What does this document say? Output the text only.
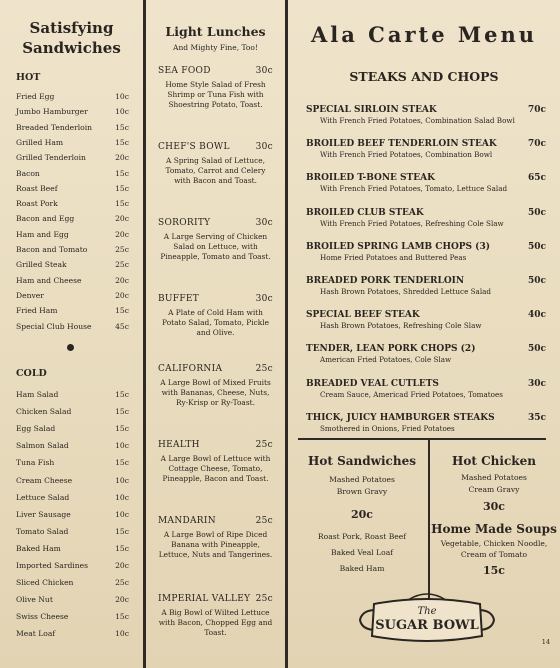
Satisfying
Sandwiches
HOT
Fried Egg	10c
Jumbo Hamburger	10c
Breaded Tenderloin	15c
Grilled Ham	15c
Grilled Tenderloin	20c
Bacon	15c
Roast Beef	15c
Roast Pork	15c
Bacon and Egg	20c
Ham and Egg	20c
Bacon and Tomato	25c
Grilled Steak	25c
Ham and Cheese	20c
Denver	20c
Fried Ham	15c
Special Club House	45c
COLD
Ham Salad	15c
Chicken Salad	15c
Egg Salad	15c
Salmon Salad	10c
Tuna Fish	15c
Cream Cheese	10c
Lettuce Salad	10c
Liver Sausage	10c
Tomato Salad	15c
Baked Ham	15c
Imported Sardines	20c
Sliced Chicken	25c
Olive Nut	20c
Swiss Cheese	15c
Meat Loaf	10c
Light Lunches
And Mighty Fine, Too!
SEA FOOD	30c
Home Style Salad of Fresh Shrimp or Tuna Fish with Shoestring Potato, Toast.
CHEF'S BOWL	30c
A Spring Salad of Lettuce, Tomato, Carrot and Celery with Bacon and Toast.
SORORITY	30c
A Large Serving of Chicken Salad on Lettuce, with Pineapple, Tomato and Toast.
BUFFET	30c
A Plate of Cold Ham with Potato Salad, Tomato, Pickle and Olive.
CALIFORNIA	25c
A Large Bowl of Mixed Fruits with Bananas, Cheese, Nuts, Ry-Krisp or Ry-Toast.
HEALTH	25c
A Large Bowl of Lettuce with Cottage Cheese, Tomato, Pineapple, Bacon and Toast.
MANDARIN	25c
A Large Bowl of Ripe Diced Banana with Pineapple, Lettuce, Nuts and Tangerines.
IMPERIAL VALLEY 25c
A Big Bowl of Wilted Lettuce with Bacon, Chopped Egg and Toast.
Ala Carte Menu
STEAKS AND CHOPS
SPECIAL SIRLOIN STEAK	70c
With French Fried Potatoes, Combination Salad Bowl
BROILED BEEF TENDERLOIN STEAK	70c
With French Fried Potatoes, Combination Bowl
BROILED T-BONE STEAK	65c
With French Fried Potatoes, Tomato, Lettuce Salad
BROILED CLUB STEAK	50c
With French Fried Potatoes, Refreshing Cole Slaw
BROILED SPRING LAMB CHOPS (3)	50c
Home Fried Potatoes and Buttered Peas
BREADED PORK TENDERLOIN	50c
Hash Brown Potatoes, Shredded Lettuce Salad
SPECIAL BEEF STEAK	40c
Hash Brown Potatoes, Refreshing Cole Slaw
TENDER, LEAN PORK CHOPS (2)	50c
American Fried Potatoes, Cole Slaw
BREADED VEAL CUTLETS	30c
Cream Sauce, Americad Fried Potatoes, Tomatoes
THICK, JUICY HAMBURGER STEAKS	35c
Smothered in Onions, Fried Potatoes
Hot Sandwiches
Mashed Potatoes
Brown Gravy
20c
Roast Pork, Roast Beef
Baked Veal Loaf
Baked Ham
Hot Chicken
Mashed Potatoes
Cream Gravy
30c
Home Made Soups
Vegetable, Chicken Noodle,
Cream of Tomato
15c
The
SUGAR BOWL
14
